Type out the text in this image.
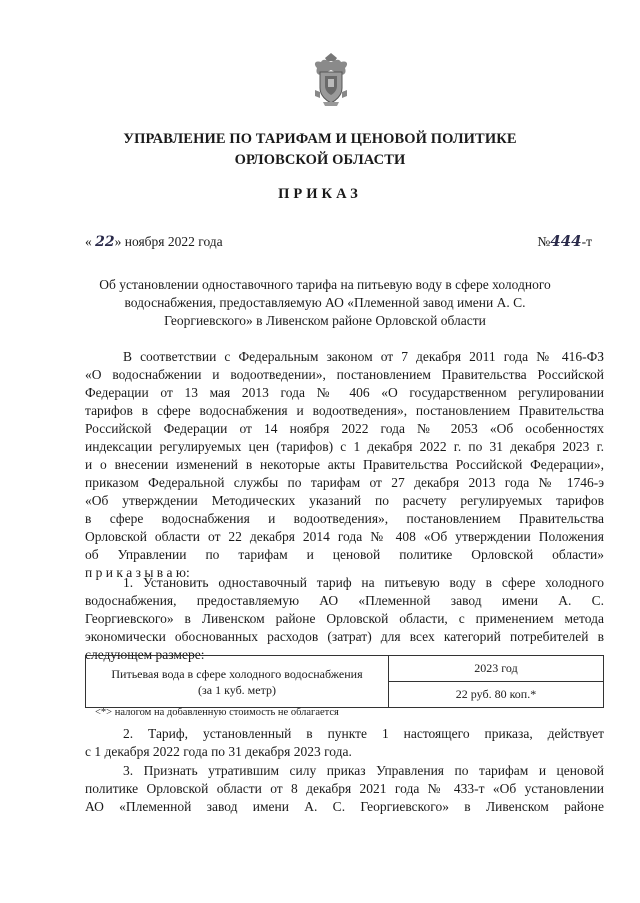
УПРАВЛЕНИЕ ПО ТАРИФАМ И ЦЕНОВОЙ ПОЛИТИКЕ
ОРЛОВСКОЙ ОБЛАСТИ
ПРИКАЗ
« 22» ноября 2022 года	№444-т
Об установлении одноставочного тарифа на питьевую воду в сфере холодного
водоснабжения, предоставляемую АО «Племенной завод имени А. С.
Георгиевского» в Ливенском районе Орловской области
В соответствии с Федеральным законом от 7 декабря 2011 года № 416-ФЗ
«О водоснабжении и водоотведении», постановлением Правительства Российской
Федерации от 13 мая 2013 года № 406 «О государственном регулировании
тарифов в сфере водоснабжения и водоотведения», постановлением Правительства
Российской Федерации от 14 ноября 2022 года № 2053 «Об особенностях
индексации регулируемых цен (тарифов) с 1 декабря 2022 г. по 31 декабря 2023 г.
и о внесении изменений в некоторые акты Правительства Российской Федерации»,
приказом Федеральной службы по тарифам от 27 декабря 2013 года № 1746-э
«Об утверждении Методических указаний по расчету регулируемых тарифов
в сфере водоснабжения и водоотведения», постановлением Правительства
Орловской области от 22 декабря 2014 года № 408 «Об утверждении Положения
об Управлении по тарифам и ценовой политике Орловской области»
п р и к а з ы в а ю:
1. Установить одноставочный тариф на питьевую воду в сфере холодного
водоснабжения, предоставляемую АО «Племенной завод имени А. С.
Георгиевского» в Ливенском районе Орловской области, с применением метода
экономически обоснованных расходов (затрат) для всех категорий потребителей в
следующем размере:
Питьевая вода в сфере холодного водоснабжения
(за 1 куб. метр)
	2023 год
22 руб. 80 коп.*
<*> налогом на добавленную стоимость не облагается
2. Тариф, установленный в пункте 1 настоящего приказа, действует
с 1 декабря 2022 года по 31 декабря 2023 года.
3. Признать утратившим силу приказ Управления по тарифам и ценовой
политике Орловской области от 8 декабря 2021 года № 433-т «Об установлении
АО «Племенной завод имени А. С. Георгиевского» в Ливенском районе
